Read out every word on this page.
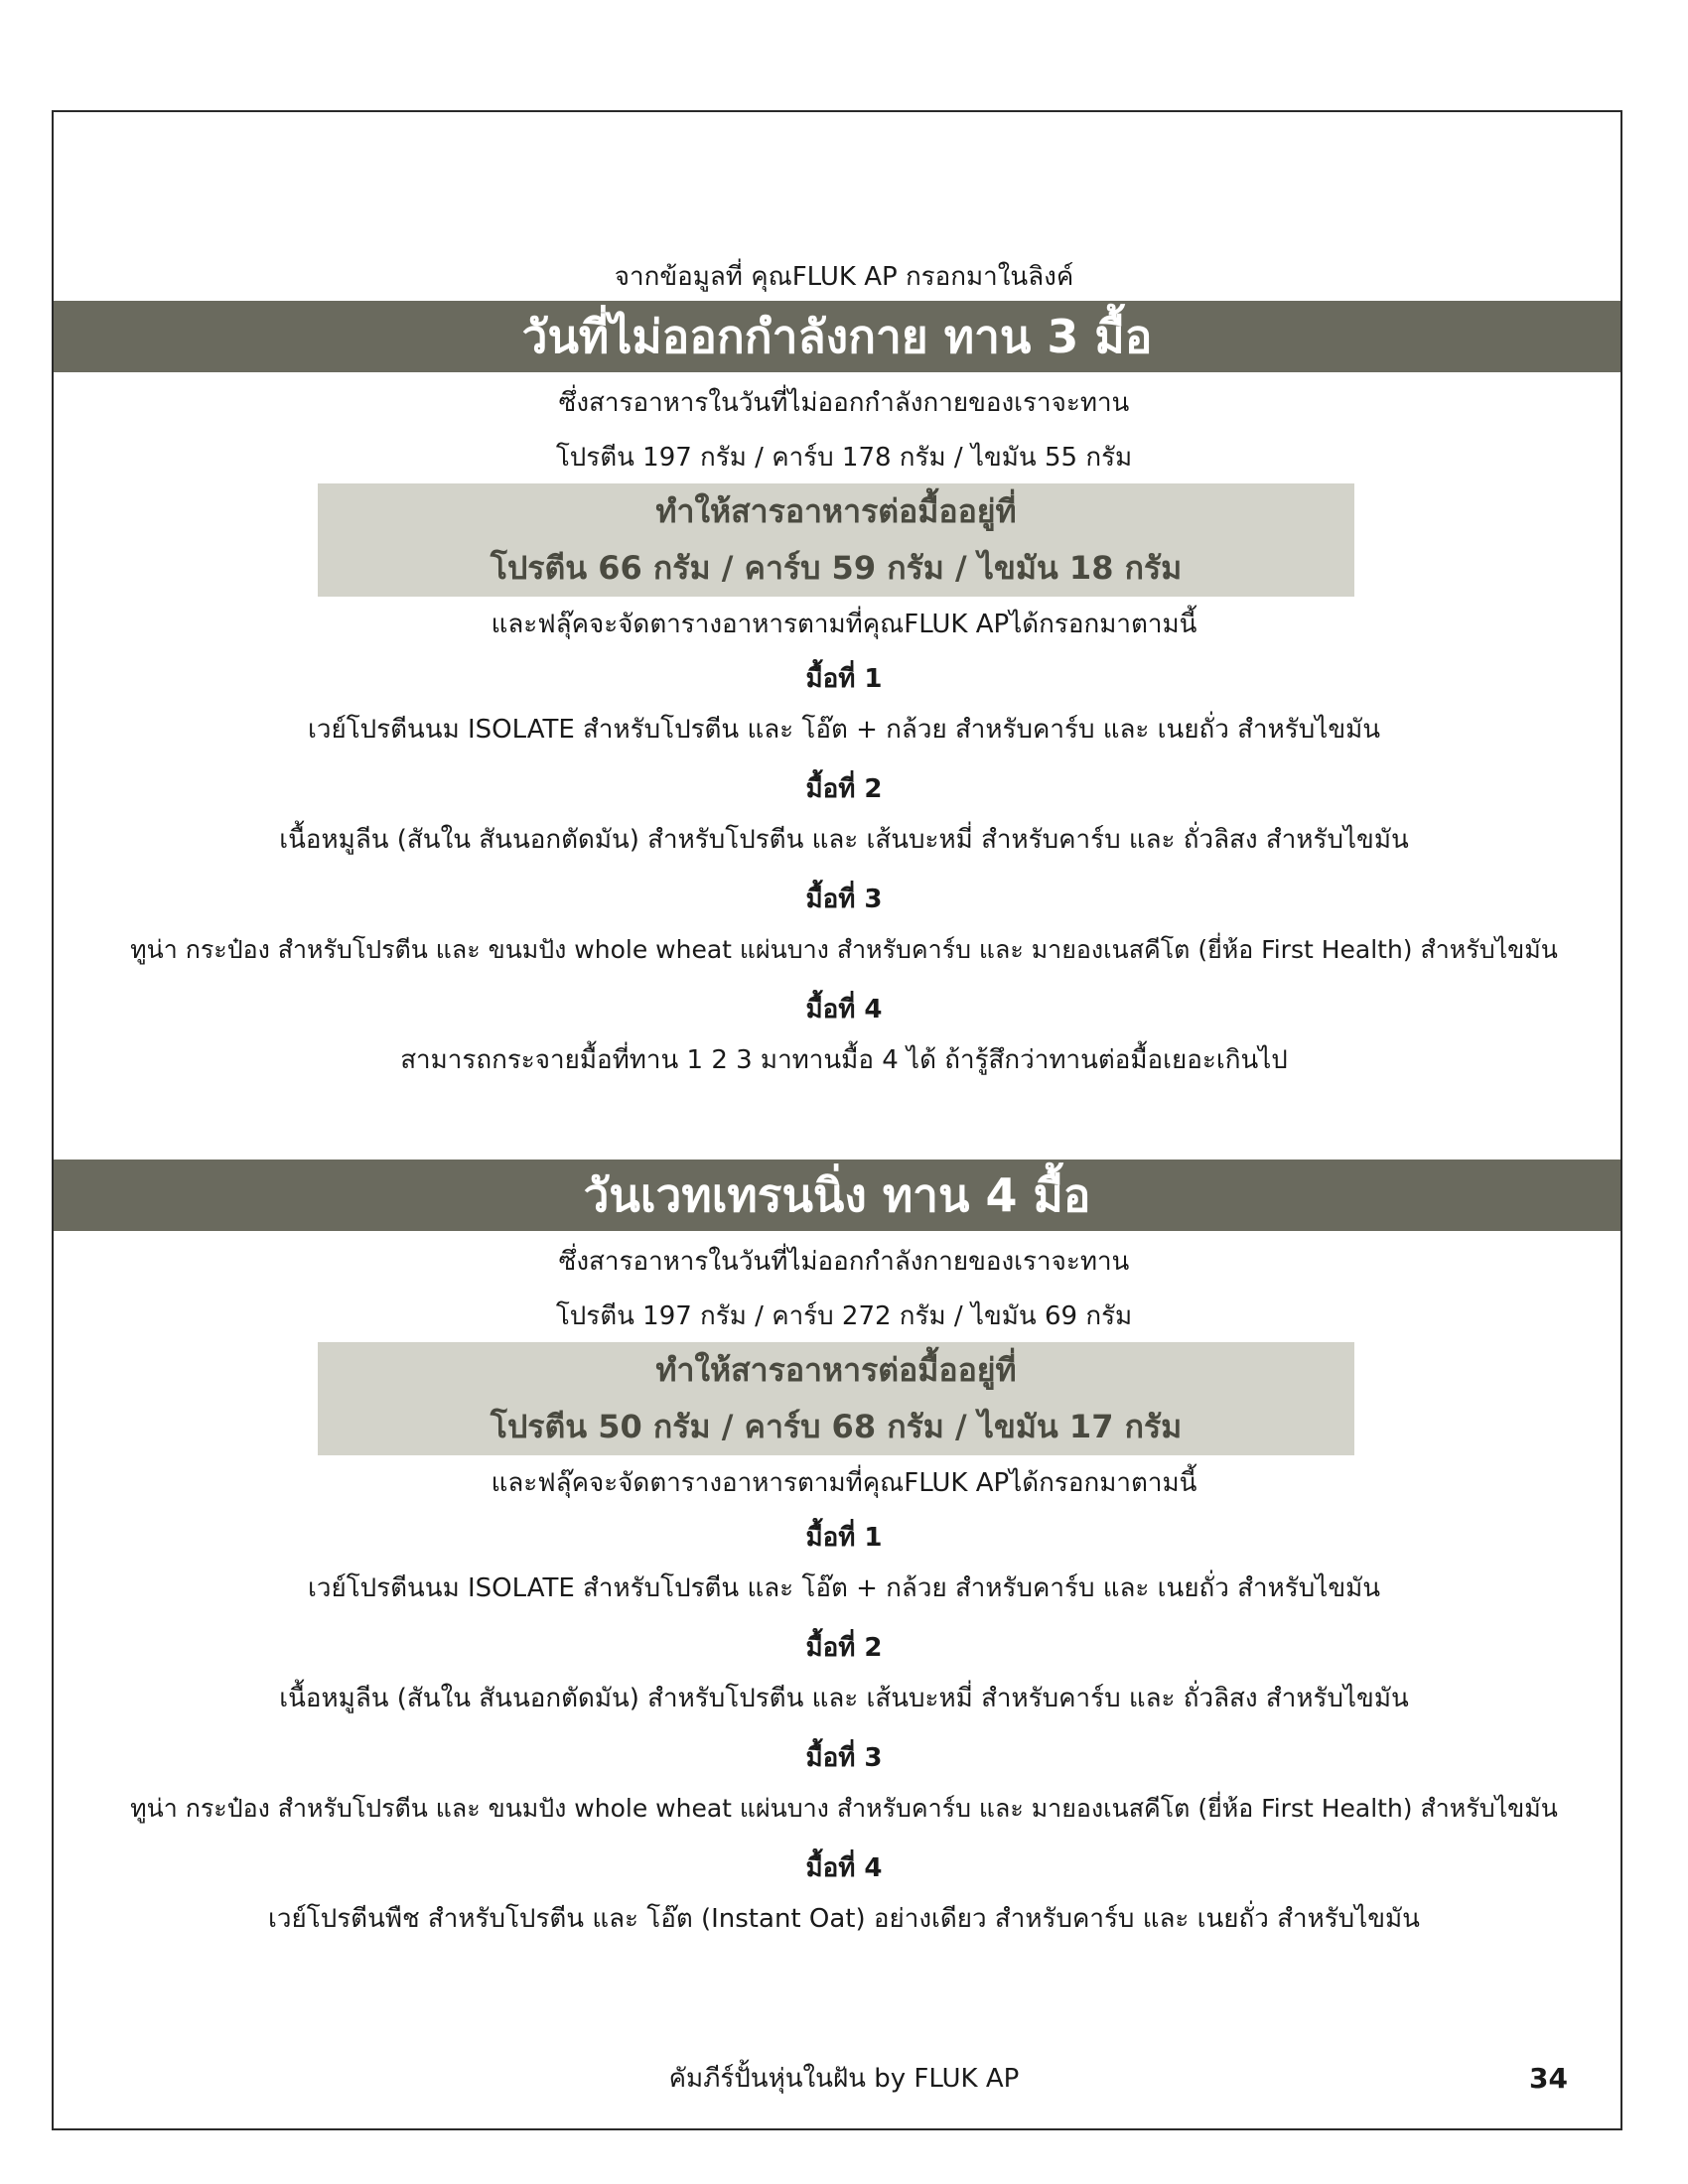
จากข้อมูลที่ คุณFLUK AP กรอกมาในลิงค์
วันที่ไม่ออกกำลังกาย ทาน 3 มื้อ
ซึ่งสารอาหารในวันที่ไม่ออกกำลังกายของเราจะทาน
โปรตีน 197 กรัม / คาร์บ 178 กรัม / ไขมัน 55 กรัม
ทำให้สารอาหารต่อมื้ออยู่ที่
โปรตีน 66 กรัม / คาร์บ 59 กรัม / ไขมัน 18 กรัม
และฟลุ๊คจะจัดตารางอาหารตามที่คุณFLUK APได้กรอกมาตามนี้
มื้อที่ 1
เวย์โปรตีนนม ISOLATE สำหรับโปรตีน และ โอ๊ต + กล้วย สำหรับคาร์บ และ เนยถั่ว สำหรับไขมัน
มื้อที่ 2
เนื้อหมูลีน (สันใน สันนอกตัดมัน) สำหรับโปรตีน และ เส้นบะหมี่ สำหรับคาร์บ และ ถั่วลิสง สำหรับไขมัน
มื้อที่ 3
ทูน่า กระป๋อง สำหรับโปรตีน และ ขนมปัง whole wheat แผ่นบาง สำหรับคาร์บ และ มายองเนสคีโต (ยี่ห้อ First Health) สำหรับไขมัน
มื้อที่ 4
สามารถกระจายมื้อที่ทาน 1 2 3 มาทานมื้อ 4 ได้ ถ้ารู้สึกว่าทานต่อมื้อเยอะเกินไป
วันเวทเทรนนิ่ง ทาน 4 มื้อ
ซึ่งสารอาหารในวันที่ไม่ออกกำลังกายของเราจะทาน
โปรตีน 197 กรัม / คาร์บ 272 กรัม / ไขมัน 69 กรัม
ทำให้สารอาหารต่อมื้ออยู่ที่
โปรตีน 50 กรัม / คาร์บ 68 กรัม / ไขมัน 17 กรัม
และฟลุ๊คจะจัดตารางอาหารตามที่คุณFLUK APได้กรอกมาตามนี้
มื้อที่ 1
เวย์โปรตีนนม ISOLATE สำหรับโปรตีน และ โอ๊ต + กล้วย สำหรับคาร์บ และ เนยถั่ว สำหรับไขมัน
มื้อที่ 2
เนื้อหมูลีน (สันใน สันนอกตัดมัน) สำหรับโปรตีน และ เส้นบะหมี่ สำหรับคาร์บ และ ถั่วลิสง สำหรับไขมัน
มื้อที่ 3
ทูน่า กระป๋อง สำหรับโปรตีน และ ขนมปัง whole wheat แผ่นบาง สำหรับคาร์บ และ มายองเนสคีโต (ยี่ห้อ First Health) สำหรับไขมัน
มื้อที่ 4
เวย์โปรตีนพืช สำหรับโปรตีน และ โอ๊ต (Instant Oat) อย่างเดียว สำหรับคาร์บ และ เนยถั่ว สำหรับไขมัน
คัมภีร์ปั้นหุ่นในฝัน by FLUK AP	34
